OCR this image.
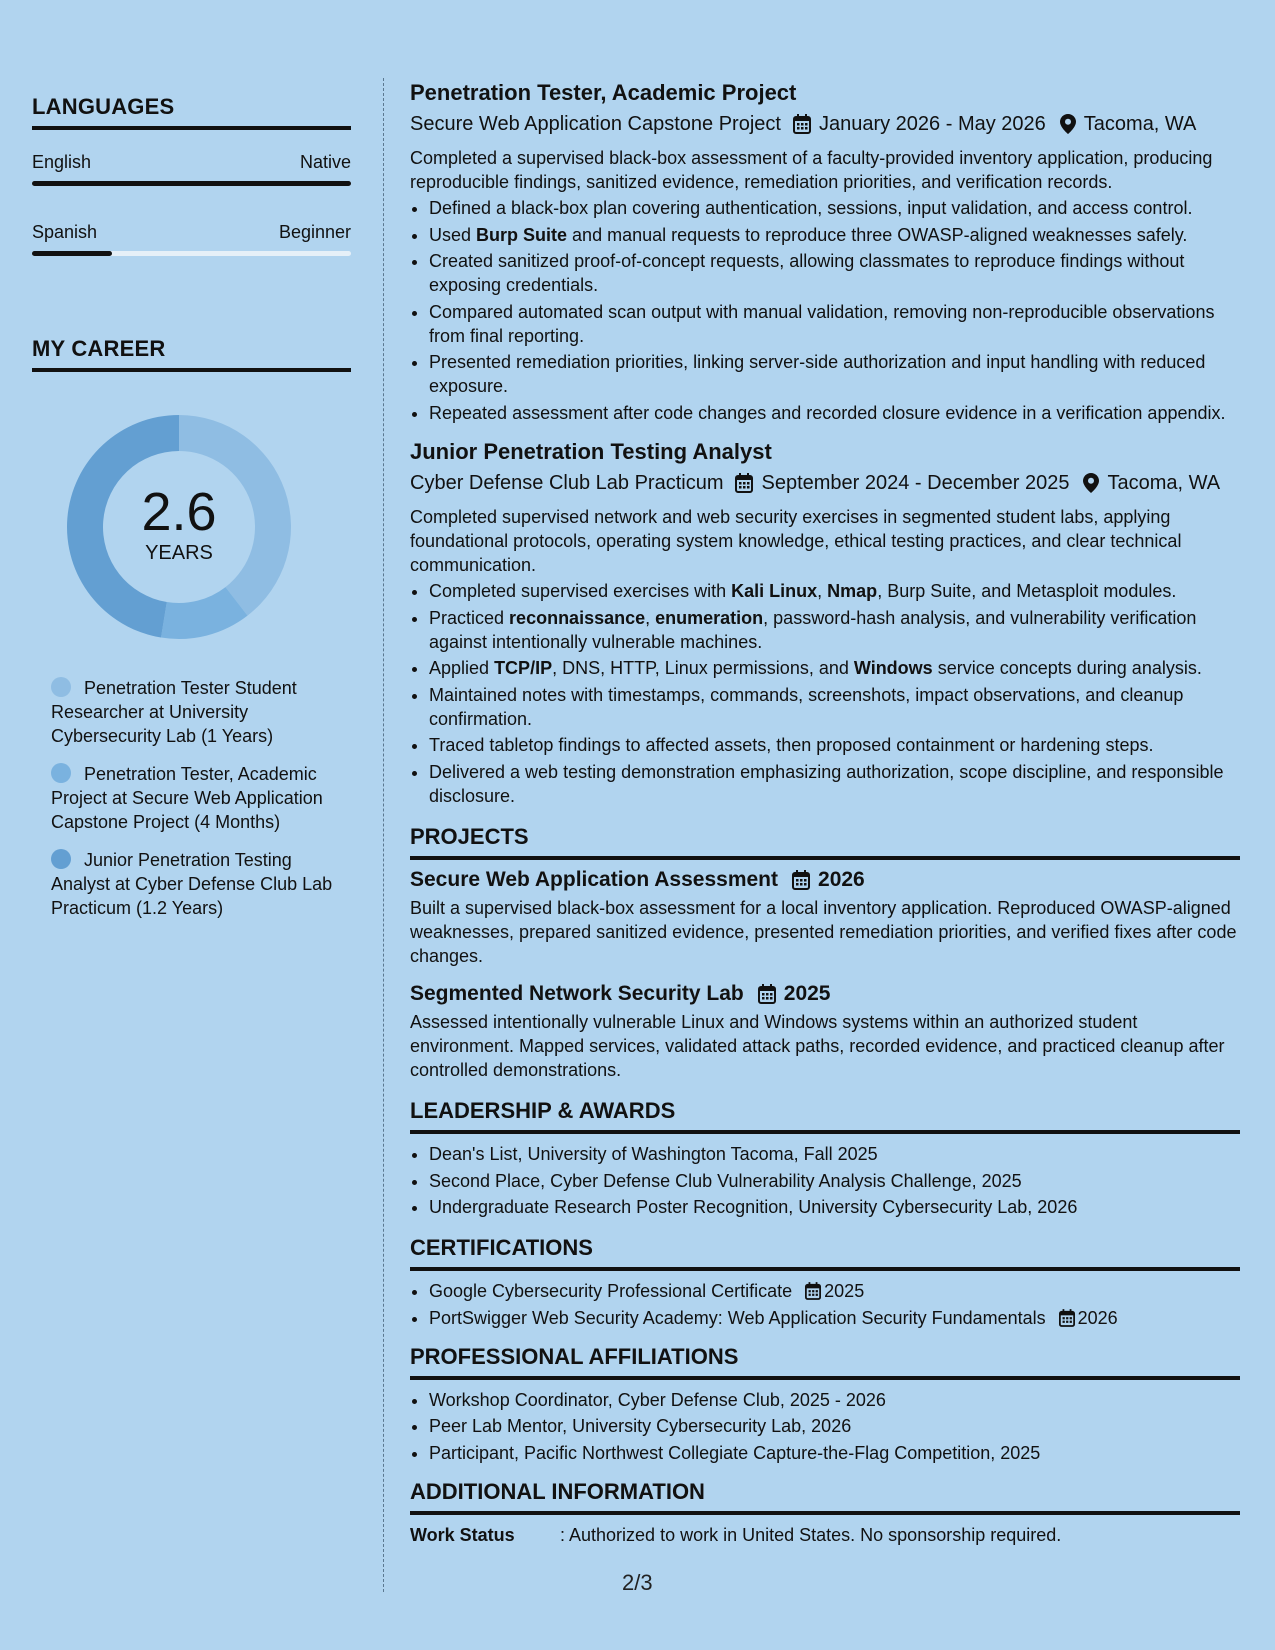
LANGUAGES
English	Native
Spanish	Beginner
MY CAREER
2.6
YEARS
Penetration Tester Student Researcher at University Cybersecurity Lab (1 Years)
Penetration Tester, Academic Project at Secure Web Application Capstone Project (4 Months)
Junior Penetration Testing Analyst at Cyber Defense Club Lab Practicum (1.2 Years)
Penetration Tester, Academic Project
Secure Web Application Capstone Project January 2026 - May 2026 Tacoma, WA
Completed a supervised black-box assessment of a faculty-provided inventory application, producing reproducible findings, sanitized evidence, remediation priorities, and verification records.
• Defined a black-box plan covering authentication, sessions, input validation, and access control.
• Used Burp Suite and manual requests to reproduce three OWASP-aligned weaknesses safely.
• Created sanitized proof-of-concept requests, allowing classmates to reproduce findings without exposing credentials.
• Compared automated scan output with manual validation, removing non-reproducible observations from final reporting.
• Presented remediation priorities, linking server-side authorization and input handling with reduced exposure.
• Repeated assessment after code changes and recorded closure evidence in a verification appendix.
Junior Penetration Testing Analyst
Cyber Defense Club Lab Practicum September 2024 - December 2025 Tacoma, WA
Completed supervised network and web security exercises in segmented student labs, applying foundational protocols, operating system knowledge, ethical testing practices, and clear technical communication.
• Completed supervised exercises with Kali Linux, Nmap, Burp Suite, and Metasploit modules.
• Practiced reconnaissance, enumeration, password-hash analysis, and vulnerability verification against intentionally vulnerable machines.
• Applied TCP/IP, DNS, HTTP, Linux permissions, and Windows service concepts during analysis.
• Maintained notes with timestamps, commands, screenshots, impact observations, and cleanup confirmation.
• Traced tabletop findings to affected assets, then proposed containment or hardening steps.
• Delivered a web testing demonstration emphasizing authorization, scope discipline, and responsible disclosure.
PROJECTS
Secure Web Application Assessment 2026
Built a supervised black-box assessment for a local inventory application. Reproduced OWASP-aligned weaknesses, prepared sanitized evidence, presented remediation priorities, and verified fixes after code changes.
Segmented Network Security Lab 2025
Assessed intentionally vulnerable Linux and Windows systems within an authorized student environment. Mapped services, validated attack paths, recorded evidence, and practiced cleanup after controlled demonstrations.
LEADERSHIP & AWARDS
• Dean's List, University of Washington Tacoma, Fall 2025
• Second Place, Cyber Defense Club Vulnerability Analysis Challenge, 2025
• Undergraduate Research Poster Recognition, University Cybersecurity Lab, 2026
CERTIFICATIONS
• Google Cybersecurity Professional Certificate 2025
• PortSwigger Web Security Academy: Web Application Security Fundamentals 2026
PROFESSIONAL AFFILIATIONS
• Workshop Coordinator, Cyber Defense Club, 2025 - 2026
• Peer Lab Mentor, University Cybersecurity Lab, 2026
• Participant, Pacific Northwest Collegiate Capture-the-Flag Competition, 2025
ADDITIONAL INFORMATION
Work Status	: Authorized to work in United States. No sponsorship required.
2/3
